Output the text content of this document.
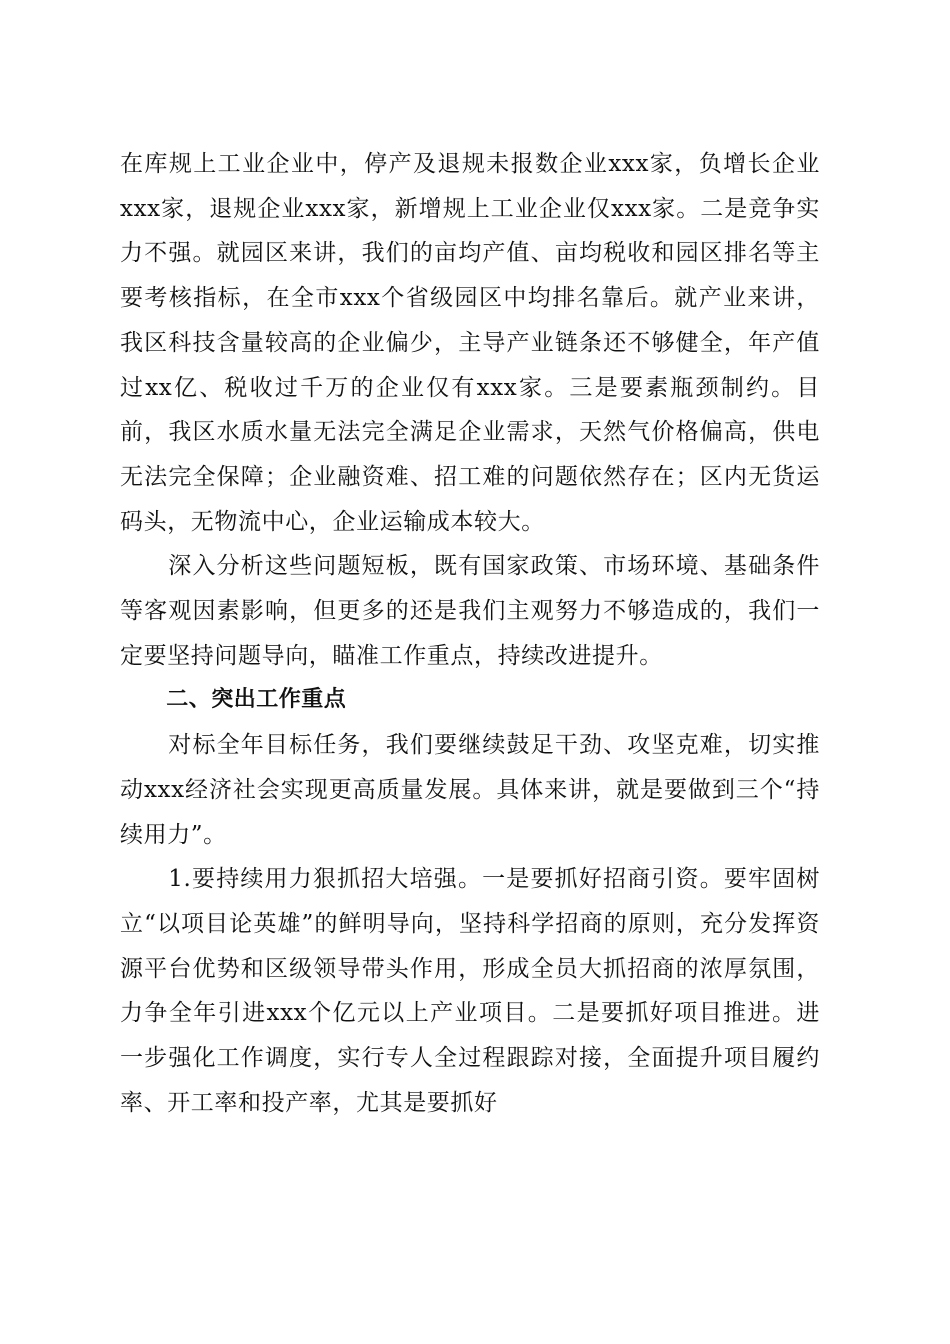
在库规上工业企业中，停产及退规未报数企业xxx家，负增长企业xxx家，退规企业xxx家，新增规上工业企业仅xxx家。二是竞争实力不强。就园区来讲，我们的亩均产值、亩均税收和园区排名等主要考核指标，在全市xxx个省级园区中均排名靠后。就产业来讲，我区科技含量较高的企业偏少，主导产业链条还不够健全，年产值过xx亿、税收过千万的企业仅有xxx家。三是要素瓶颈制约。目前，我区水质水量无法完全满足企业需求，天然气价格偏高，供电无法完全保障；企业融资难、招工难的问题依然存在；区内无货运码头，无物流中心，企业运输成本较大。

深入分析这些问题短板，既有国家政策、市场环境、基础条件等客观因素影响，但更多的还是我们主观努力不够造成的，我们一定要坚持问题导向，瞄准工作重点，持续改进提升。

二、突出工作重点

对标全年目标任务，我们要继续鼓足干劲、攻坚克难，切实推动xxx经济社会实现更高质量发展。具体来讲，就是要做到三个“持续用力”。

1.要持续用力狠抓招大培强。一是要抓好招商引资。要牢固树立“以项目论英雄”的鲜明导向，坚持科学招商的原则，充分发挥资源平台优势和区级领导带头作用，形成全员大抓招商的浓厚氛围，力争全年引进xxx个亿元以上产业项目。二是要抓好项目推进。进一步强化工作调度，实行专人全过程跟踪对接，全面提升项目履约率、开工率和投产率，尤其是要抓好
